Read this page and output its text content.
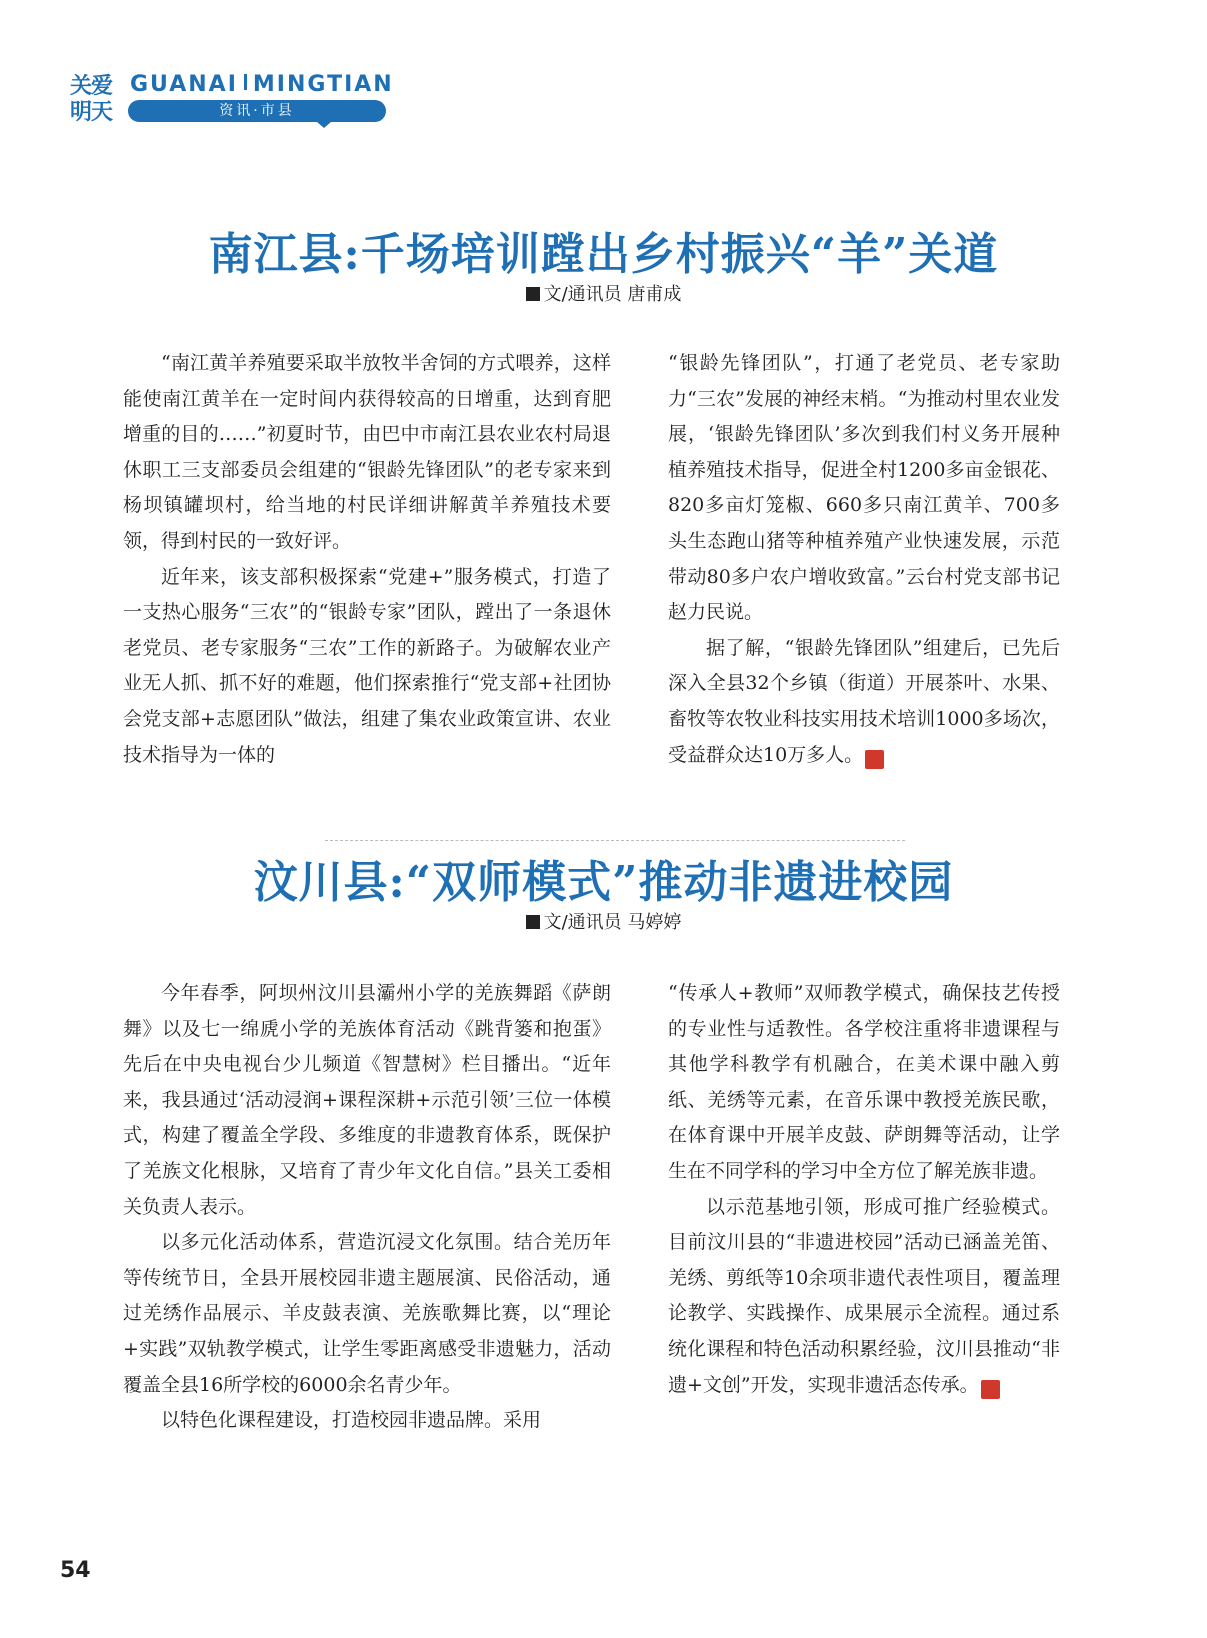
关爱
明天
GUANAI MINGTIAN
资讯·市县
南江县:千场培训蹚出乡村振兴“羊”关道
文/通讯员 唐甫成

“南江黄羊养殖要采取半放牧半舍饲的方式喂养，这样能使南江黄羊在一定时间内获得较高的日增重，达到育肥增重的目的……”初夏时节，由巴中市南江县农业农村局退休职工三支部委员会组建的“银龄先锋团队”的老专家来到杨坝镇罐坝村，给当地的村民详细讲解黄羊养殖技术要领，得到村民的一致好评。

近年来，该支部积极探索“党建+”服务模式，打造了一支热心服务“三农”的“银龄专家”团队，蹚出了一条退休老党员、老专家服务“三农”工作的新路子。为破解农业产业无人抓、抓不好的难题，他们探索推行“党支部+社团协会党支部+志愿团队”做法，组建了集农业政策宣讲、农业技术指导为一体的

“银龄先锋团队”，打通了老党员、老专家助力“三农”发展的神经末梢。“为推动村里农业发展，‘银龄先锋团队’多次到我们村义务开展种植养殖技术指导，促进全村1200多亩金银花、820多亩灯笼椒、660多只南江黄羊、700多头生态跑山猪等种植养殖产业快速发展，示范带动80多户农户增收致富。”云台村党支部书记赵力民说。

据了解，“银龄先锋团队”组建后，已先后深入全县32个乡镇（街道）开展茶叶、水果、畜牧等农牧业科技实用技术培训1000多场次，受益群众达10万多人。	关

汶川县:“双师模式”推动非遗进校园
文/通讯员 马婷婷

今年春季，阿坝州汶川县灞州小学的羌族舞蹈《萨朗舞》以及七一绵虒小学的羌族体育活动《跳背篓和抱蛋》先后在中央电视台少儿频道《智慧树》栏目播出。“近年来，我县通过‘活动浸润+课程深耕+示范引领’三位一体模式，构建了覆盖全学段、多维度的非遗教育体系，既保护了羌族文化根脉，又培育了青少年文化自信。”县关工委相关负责人表示。

以多元化活动体系，营造沉浸文化氛围。结合羌历年等传统节日，全县开展校园非遗主题展演、民俗活动，通过羌绣作品展示、羊皮鼓表演、羌族歌舞比赛，以“理论+实践”双轨教学模式，让学生零距离感受非遗魅力，活动覆盖全县16所学校的6000余名青少年。

以特色化课程建设，打造校园非遗品牌。采用

“传承人+教师”双师教学模式，确保技艺传授的专业性与适教性。各学校注重将非遗课程与其他学科教学有机融合，在美术课中融入剪纸、羌绣等元素，在音乐课中教授羌族民歌，在体育课中开展羊皮鼓、萨朗舞等活动，让学生在不同学科的学习中全方位了解羌族非遗。

以示范基地引领，形成可推广经验模式。目前汶川县的“非遗进校园”活动已涵盖羌笛、羌绣、剪纸等10余项非遗代表性项目，覆盖理论教学、实践操作、成果展示全流程。通过系统化课程和特色活动积累经验，汶川县推动“非遗+文创”开发，实现非遗活态传承。	关

54
